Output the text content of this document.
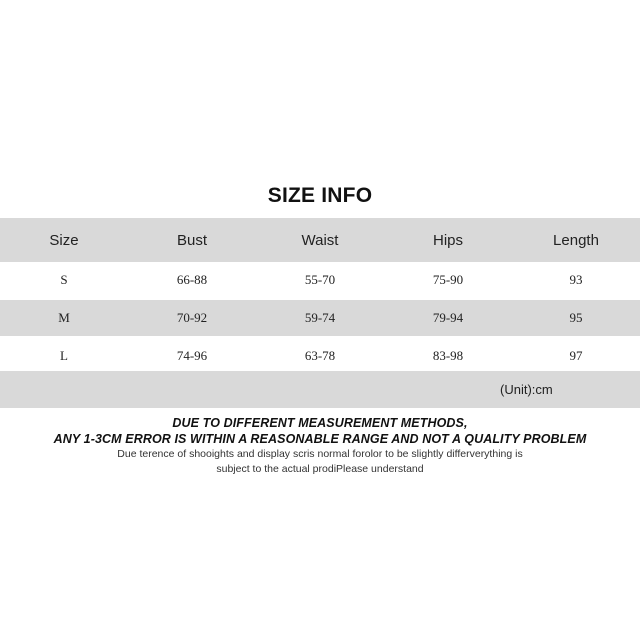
SIZE INFO
Size	Bust	Waist	Hips	Length
S	66-88	55-70	75-90	93
M	70-92	59-74	79-94	95
L	74-96	63-78	83-98	97
(Unit):cm
DUE TO DIFFERENT MEASUREMENT METHODS,
ANY 1-3CM ERROR IS WITHIN A REASONABLE RANGE AND NOT A QUALITY PROBLEM
Due terence of shooights and display scris normal forolor to be slightly differverything is
subject to the actual prodiPlease understand
